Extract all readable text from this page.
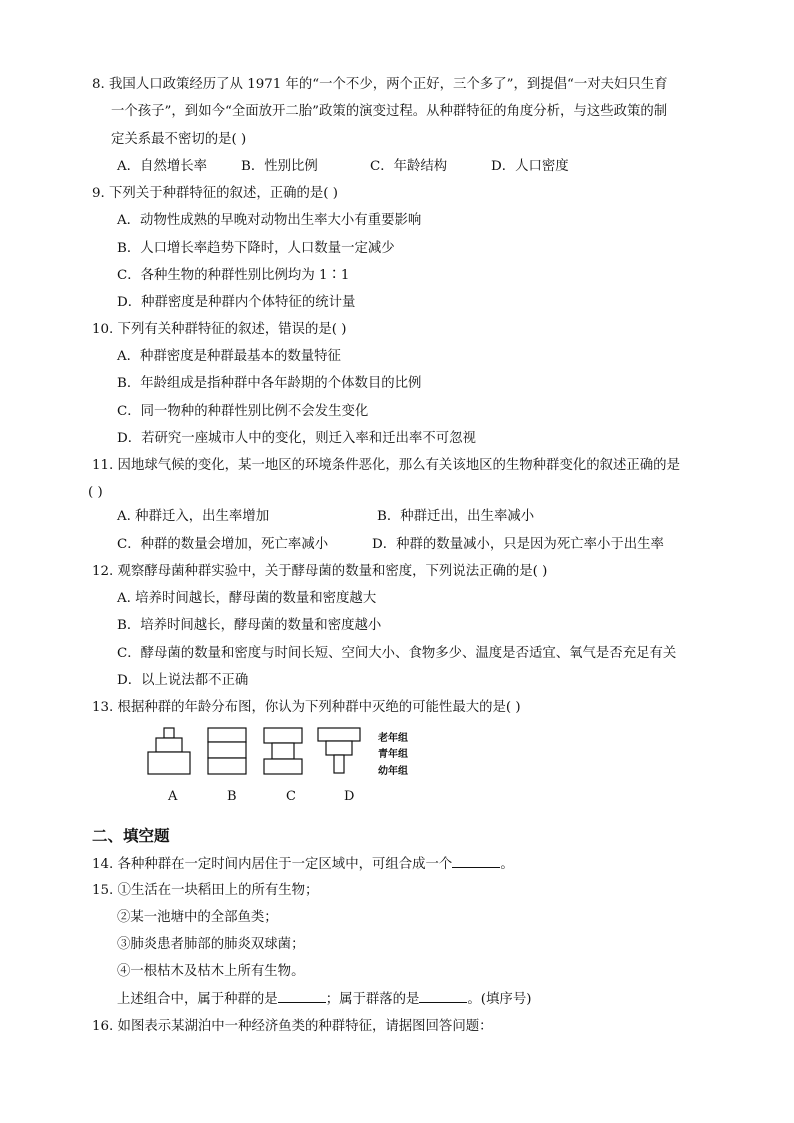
8. 我国人口政策经历了从 1971 年的“一个不少，两个正好，三个多了”，到提倡“一对夫妇只生育
一个孩子”，到如今“全面放开二胎”政策的演变过程。从种群特征的角度分析，与这些政策的制
定关系最不密切的是( )
A．自然增长率	B．性别比例	C．年龄结构	D．人口密度
9. 下列关于种群特征的叙述，正确的是( )
A．动物性成熟的早晚对动物出生率大小有重要影响
B．人口增长率趋势下降时，人口数量一定减少
C．各种生物的种群性别比例均为 1∶1
D．种群密度是种群内个体特征的统计量
10. 下列有关种群特征的叙述，错误的是( )
A．种群密度是种群最基本的数量特征
B．年龄组成是指种群中各年龄期的个体数目的比例
C．同一物种的种群性别比例不会发生变化
D．若研究一座城市人中的变化，则迁入率和迁出率不可忽视
11. 因地球气候的变化，某一地区的环境条件恶化，那么有关该地区的生物种群变化的叙述正确的是
( )
A. 种群迁入，出生率增加	B．种群迁出，出生率减小
C．种群的数量会增加，死亡率减小	D．种群的数量减小，只是因为死亡率小于出生率
12. 观察酵母菌种群实验中，关于酵母菌的数量和密度，下列说法正确的是( )
A. 培养时间越长，酵母菌的数量和密度越大
B．培养时间越长，酵母菌的数量和密度越小
C．酵母菌的数量和密度与时间长短、空间大小、食物多少、温度是否适宜、氧气是否充足有关
D．以上说法都不正确
13. 根据种群的年龄分布图，你认为下列种群中灭绝的可能性最大的是( )
老年组
青年组
幼年组
A	B	C	D
二、填空题
14. 各种种群在一定时间内居住于一定区域中，可组合成一个	。
15. ①生活在一块稻田上的所有生物；
②某一池塘中的全部鱼类；
③肺炎患者肺部的肺炎双球菌；
④一根枯木及枯木上所有生物。
上述组合中，属于种群的是	；属于群落的是	。(填序号)
16. 如图表示某湖泊中一种经济鱼类的种群特征，请据图回答问题：
